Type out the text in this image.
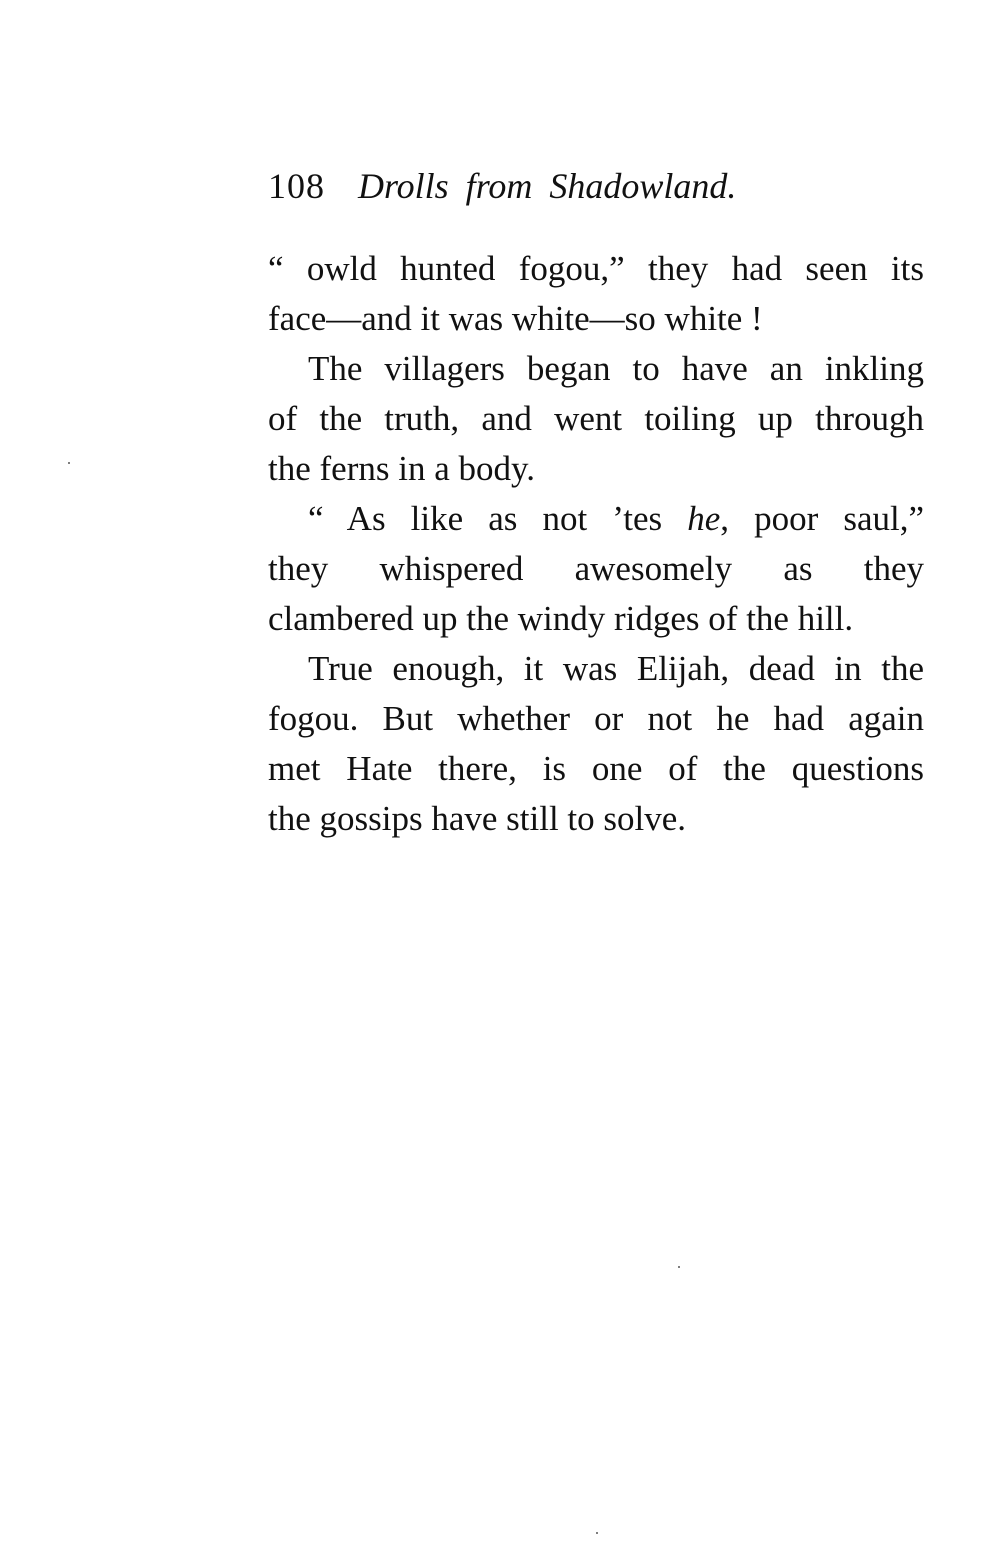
108 Drolls from Shadowland.
“ owld hunted fogou,” they had seen its
face—and it was white—so white !
The villagers began to have an inkling
of the truth, and went toiling up through
the ferns in a body.
“ As like as not ’tes he, poor saul,”
they whispered awesomely as they
clambered up the windy ridges of the hill.
True enough, it was Elijah, dead in the
fogou. But whether or not he had again
met Hate there, is one of the questions
the gossips have still to solve.
